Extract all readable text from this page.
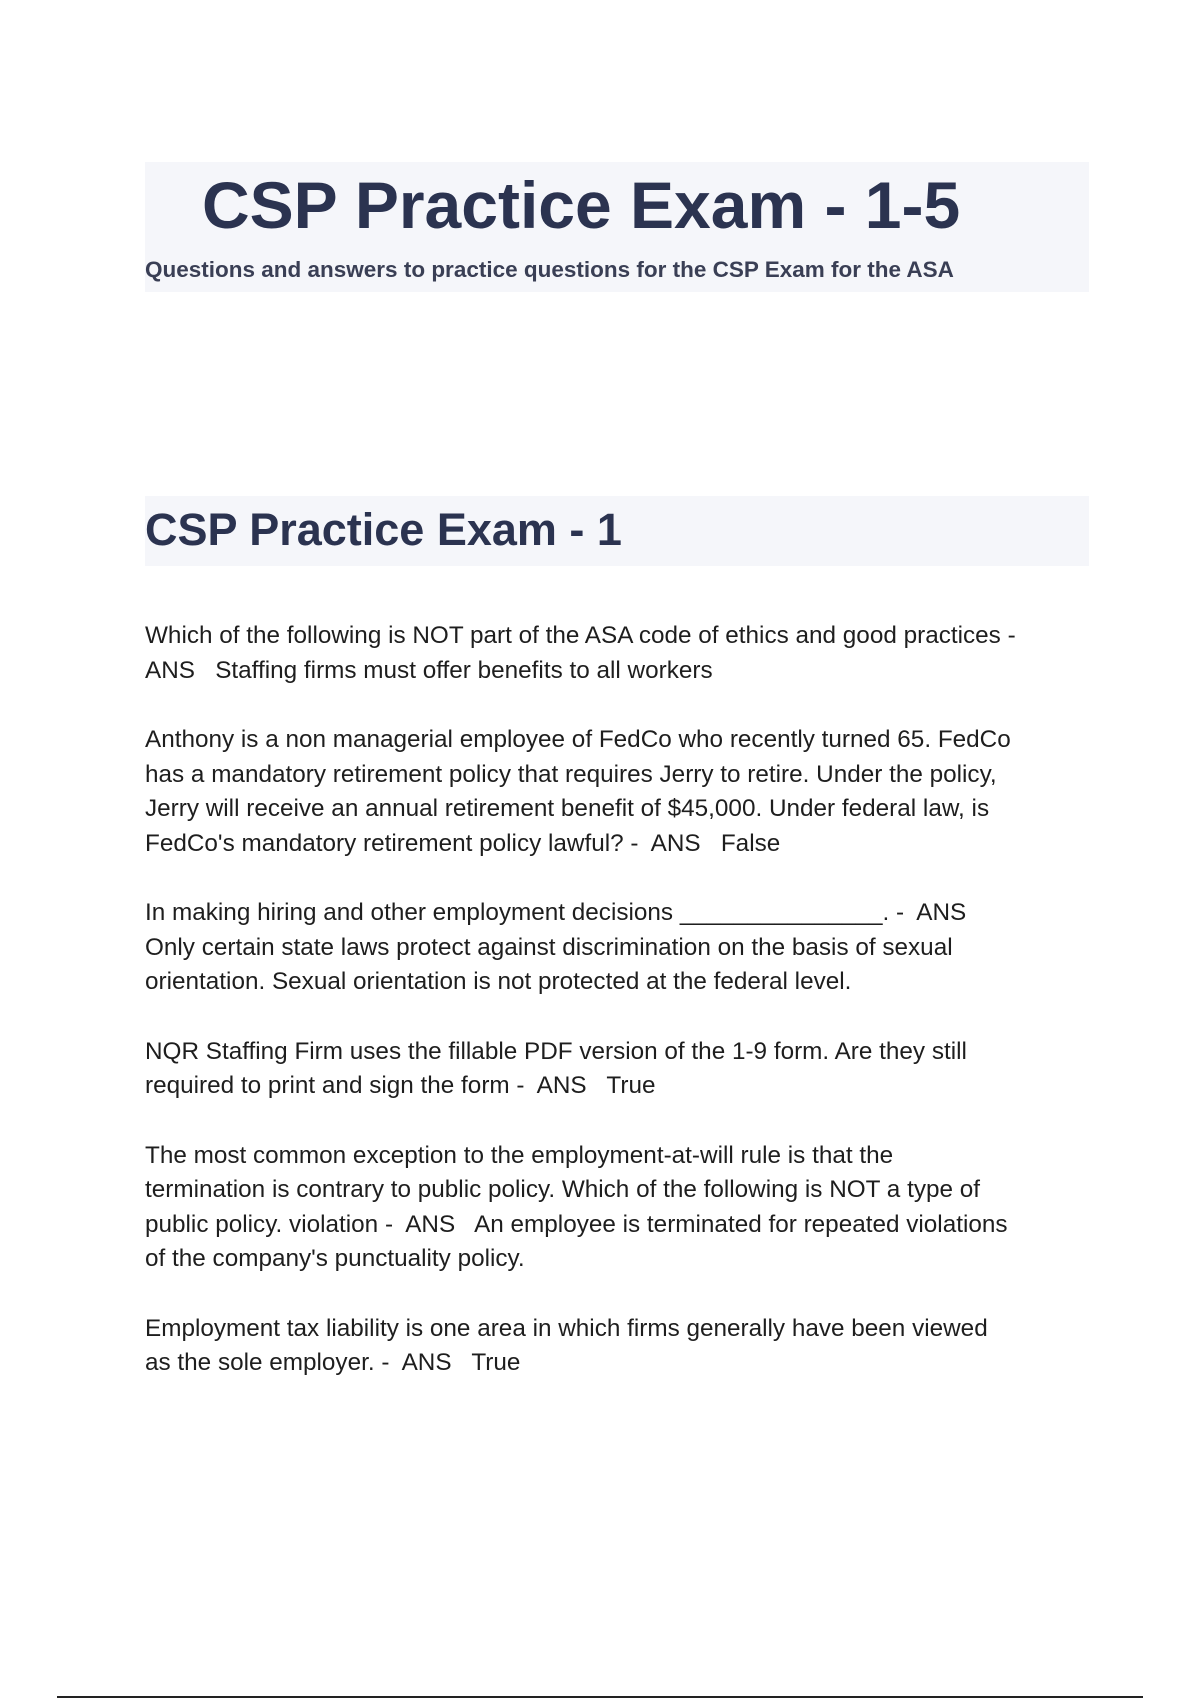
CSP Practice Exam - 1-5

Questions and answers to practice questions for the CSP Exam for the ASA

CSP Practice Exam - 1
Which of the following is NOT part of the ASA code of ethics and good practices -
ANS   Staffing firms must offer benefits to all workers
Anthony is a non managerial employee of FedCo who recently turned 65. FedCo
has a mandatory retirement policy that requires Jerry to retire. Under the policy,
Jerry will receive an annual retirement benefit of $45,000. Under federal law, is
FedCo's mandatory retirement policy lawful? -  ANS   False
In making hiring and other employment decisions _______________. -  ANS
Only certain state laws protect against discrimination on the basis of sexual
orientation. Sexual orientation is not protected at the federal level.
NQR Staffing Firm uses the fillable PDF version of the 1-9 form. Are they still
required to print and sign the form -  ANS   True
The most common exception to the employment-at-will rule is that the
termination is contrary to public policy. Which of the following is NOT a type of
public policy. violation -  ANS   An employee is terminated for repeated violations
of the company's punctuality policy.
Employment tax liability is one area in which firms generally have been viewed
as the sole employer. -  ANS   True
